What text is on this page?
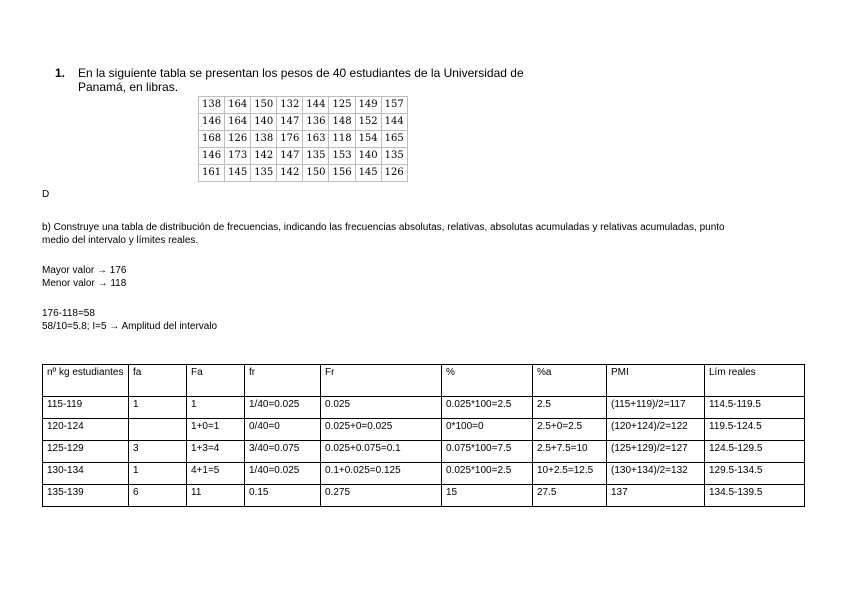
1. En la siguiente tabla se presentan los pesos de 40 estudiantes de la Universidad de
Panamá, en libras.
138	164	150	132	144	125	149	157
146	164	140	147	136	148	152	144
168	126	138	176	163	118	154	165
146	173	142	147	135	153	140	135
161	145	135	142	150	156	145	126
D
b) Construye una tabla de distribución de frecuencias, indicando las frecuencias absolutas, relativas, absolutas acumuladas y relativas acumuladas, punto
medio del intervalo y límites reales.
Mayor valor → 176
Menor valor → 118
176-118=58
58/10=5.8; I=5 → Amplitud del intervalo
nº kg estudiantes	fa	Fa	fr	Fr	%	%a	PMI	Lím reales
115-119	1	1	1/40=0.025	0.025	0.025*100=2.5	2.5	(115+119)/2=117	114.5-119.5
120-124		1+0=1	0/40=0	0.025+0=0.025	0*100=0	2.5+0=2.5	(120+124)/2=122	119.5-124.5
125-129	3	1+3=4	3/40=0.075	0.025+0.075=0.1	0.075*100=7.5	2.5+7.5=10	(125+129)/2=127	124.5-129.5
130-134	1	4+1=5	1/40=0.025	0.1+0.025=0.125	0.025*100=2.5	10+2.5=12.5	(130+134)/2=132	129.5-134.5
135-139	6	11	0.15	0.275	15	27.5	137	134.5-139.5
